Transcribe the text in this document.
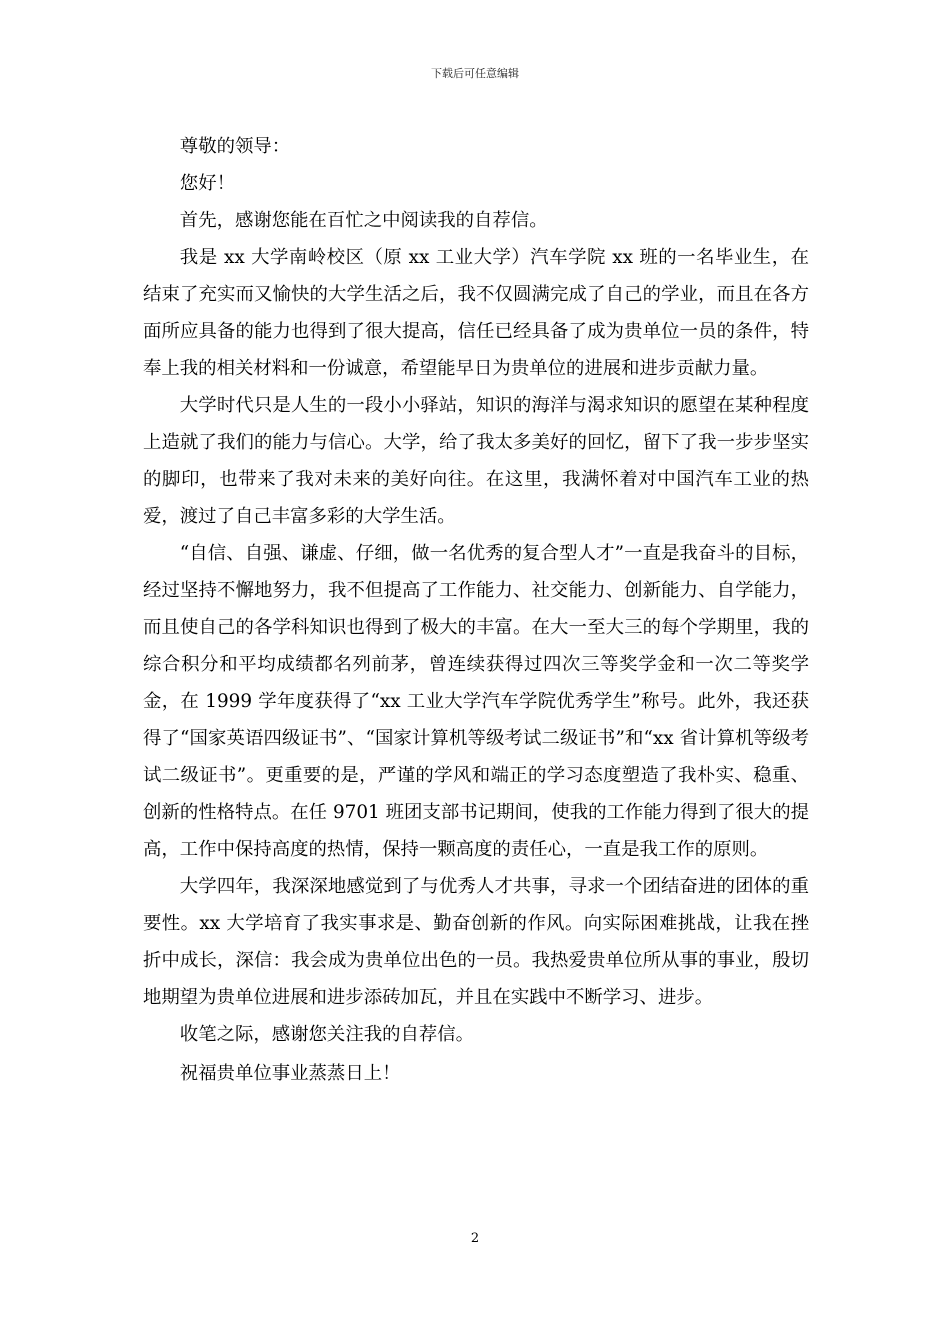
下载后可任意编辑

尊敬的领导：

您好！

首先，感谢您能在百忙之中阅读我的自荐信。

我是 xx 大学南岭校区（原 xx 工业大学）汽车学院 xx 班的一名毕业生，在结束了充实而又愉快的大学生活之后，我不仅圆满完成了自己的学业，而且在各方面所应具备的能力也得到了很大提高，信任已经具备了成为贵单位一员的条件，特奉上我的相关材料和一份诚意，希望能早日为贵单位的进展和进步贡献力量。

大学时代只是人生的一段小小驿站，知识的海洋与渴求知识的愿望在某种程度上造就了我们的能力与信心。大学，给了我太多美好的回忆，留下了我一步步坚实的脚印，也带来了我对未来的美好向往。在这里，我满怀着对中国汽车工业的热爱，渡过了自己丰富多彩的大学生活。

“自信、自强、谦虚、仔细，做一名优秀的复合型人才”一直是我奋斗的目标，经过坚持不懈地努力，我不但提高了工作能力、社交能力、创新能力、自学能力，而且使自己的各学科知识也得到了极大的丰富。在大一至大三的每个学期里，我的综合积分和平均成绩都名列前茅，曾连续获得过四次三等奖学金和一次二等奖学金，在 1999 学年度获得了“xx 工业大学汽车学院优秀学生”称号。此外，我还获得了“国家英语四级证书”、“国家计算机等级考试二级证书”和“xx 省计算机等级考试二级证书”。更重要的是，严谨的学风和端正的学习态度塑造了我朴实、稳重、创新的性格特点。在任 9701 班团支部书记期间，使我的工作能力得到了很大的提高，工作中保持高度的热情，保持一颗高度的责任心，一直是我工作的原则。

大学四年，我深深地感觉到了与优秀人才共事，寻求一个团结奋进的团体的重要性。xx 大学培育了我实事求是、勤奋创新的作风。向实际困难挑战，让我在挫折中成长，深信：我会成为贵单位出色的一员。我热爱贵单位所从事的事业，殷切地期望为贵单位进展和进步添砖加瓦，并且在实践中不断学习、进步。

收笔之际，感谢您关注我的自荐信。

祝福贵单位事业蒸蒸日上！

2
